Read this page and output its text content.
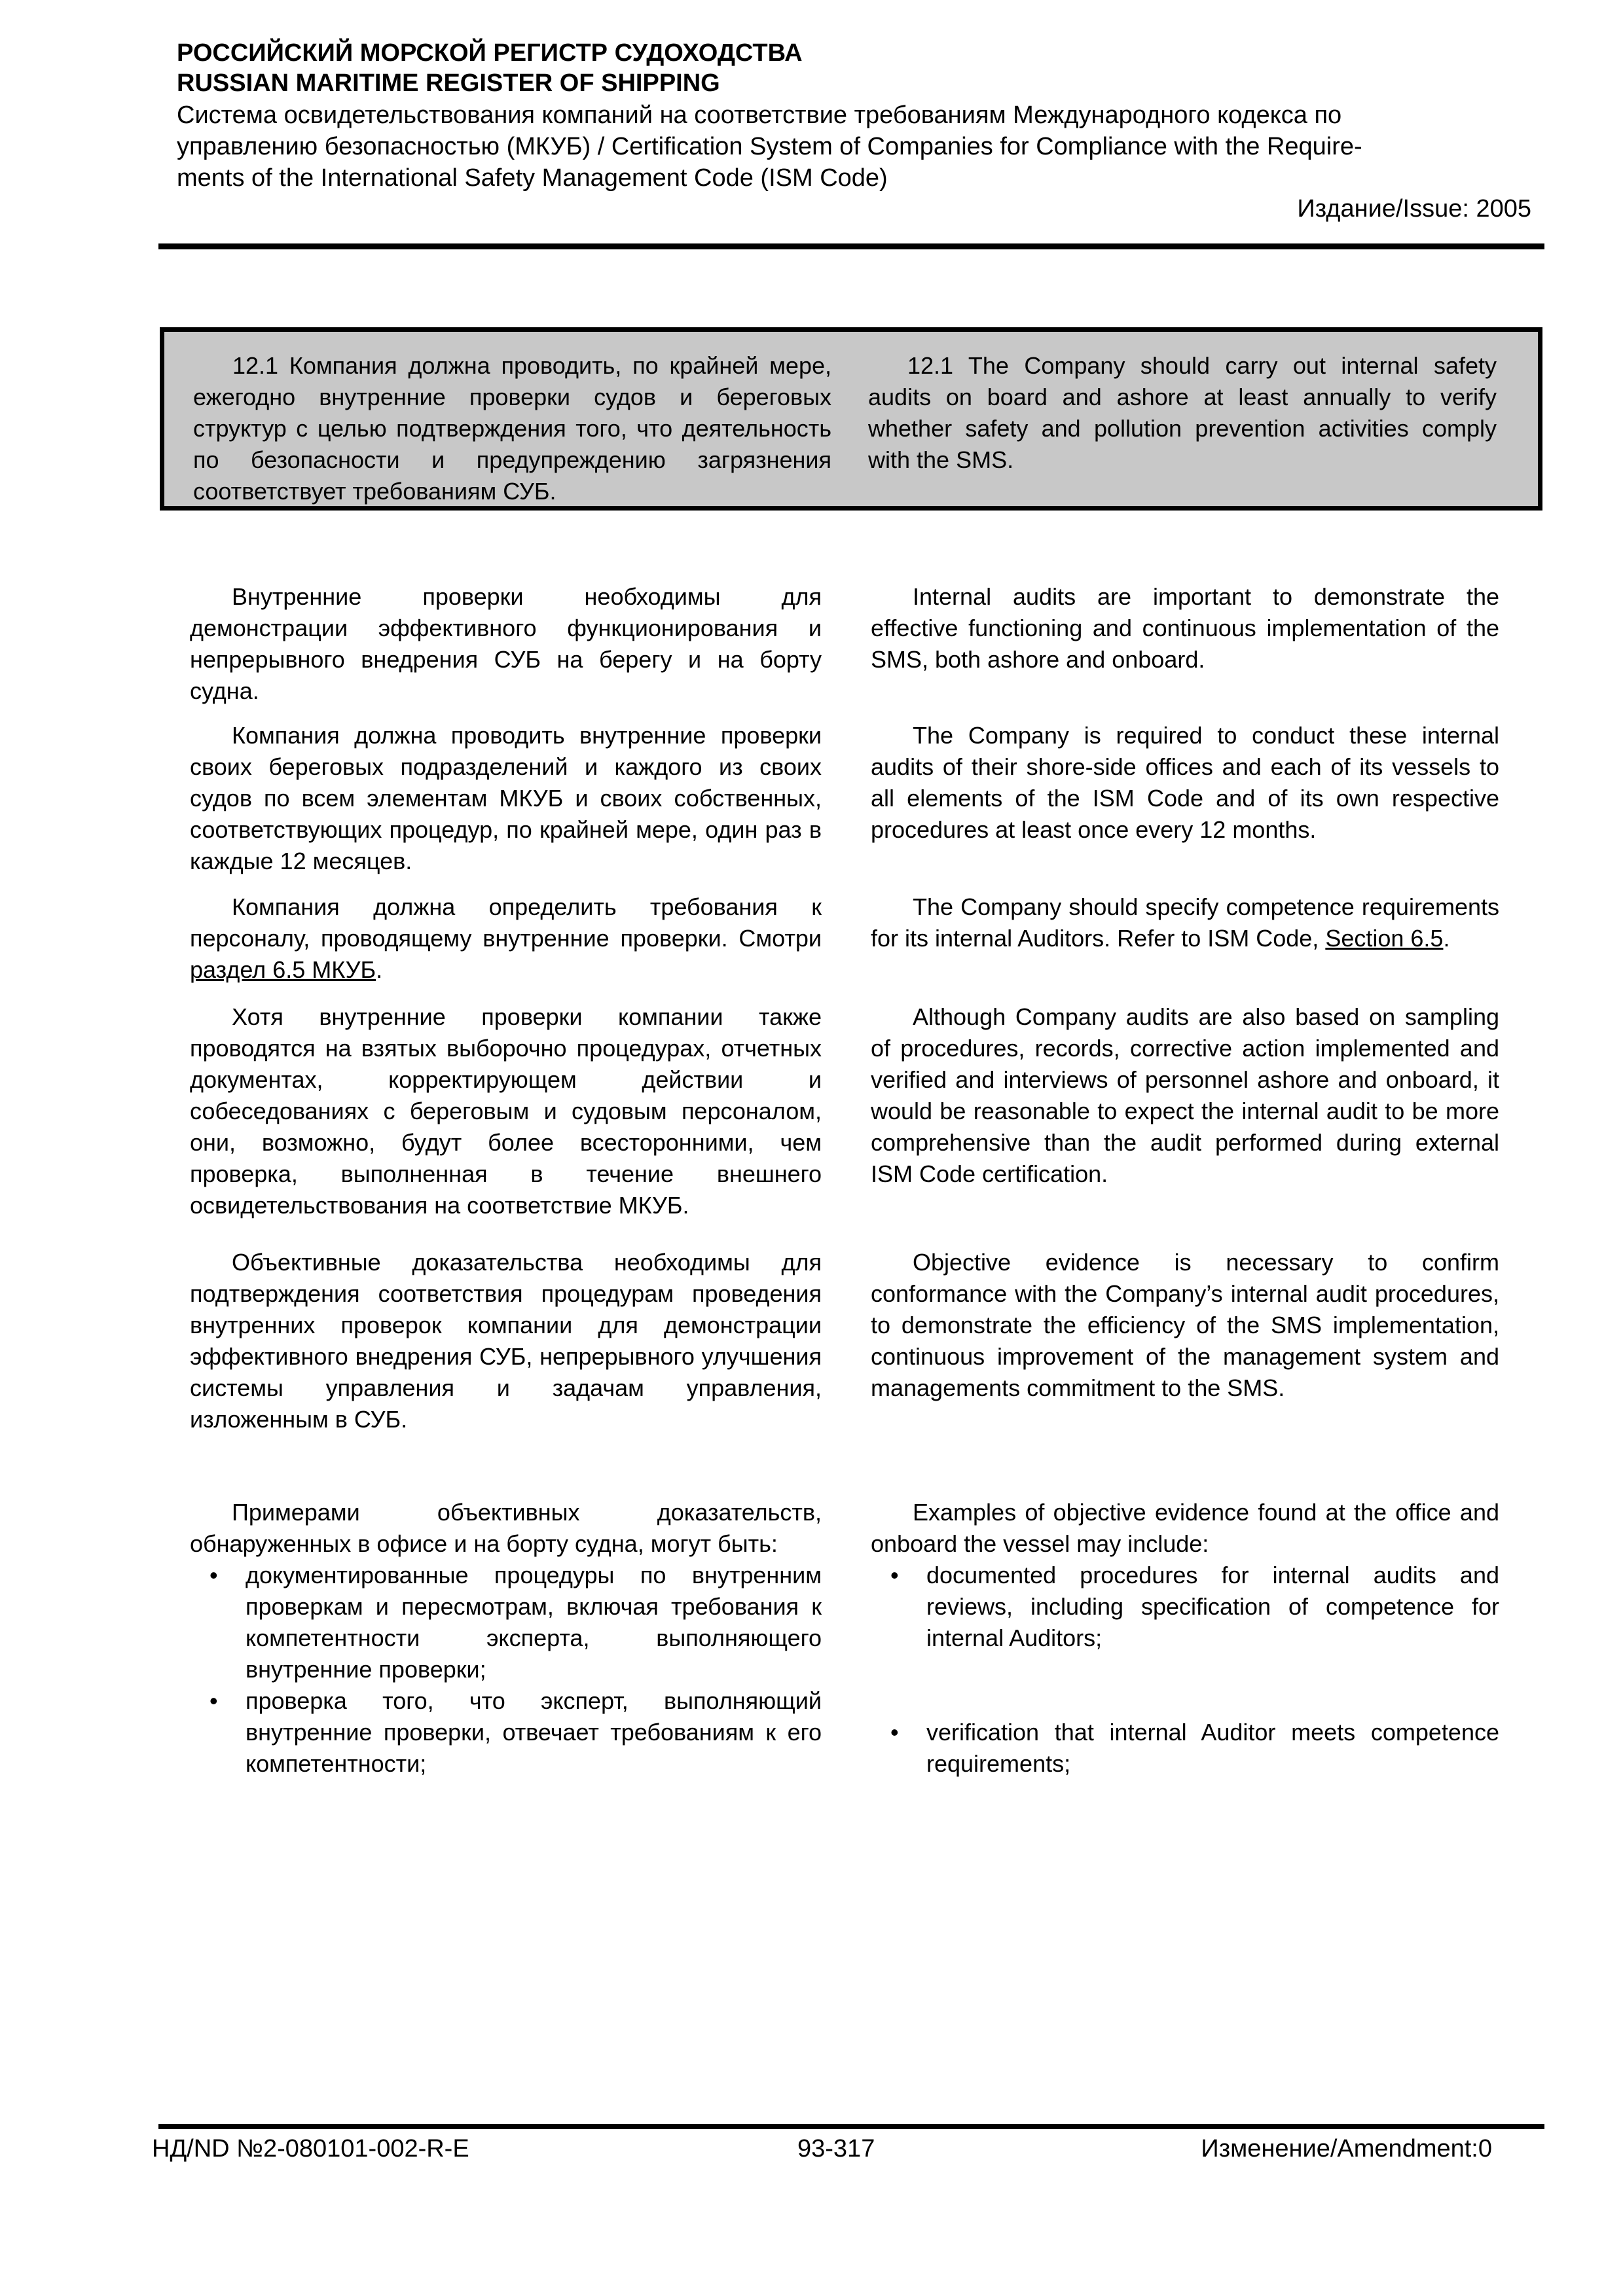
РОССИЙСКИЙ МОРСКОЙ РЕГИСТР СУДОХОДСТВА
RUSSIAN MARITIME REGISTER OF SHIPPING
Система освидетельствования компаний на соответствие требованиям Международного кодекса по
управлению безопасностью (МКУБ) / Certification System of Companies for Compliance with the Require-
ments of the International Safety Management Code (ISM Code)
Издание/Issue: 2005

12.1 Компания должна проводить, по крайней мере, ежегодно внутренние проверки судов и береговых структур с целью подтверждения того, что деятельность по безопасности и предупреждению загрязнения соответствует требованиям СУБ.

12.1 The Company should carry out internal safety audits on board and ashore at least annually to verify whether safety and pollution prevention activities comply with the SMS.

Внутренние проверки необходимы для демонстрации эффективного функционирования и непрерывного внедрения СУБ на берегу и на борту судна.

Internal audits are important to demonstrate the effective functioning and continuous implementation of the SMS, both ashore and onboard.

Компания должна проводить внутренние проверки своих береговых подразделений и каждого из своих судов по всем элементам МКУБ и своих собственных, соответствующих процедур, по крайней мере, один раз в каждые 12 месяцев.

The Company is required to conduct these internal audits of their shore-side offices and each of its vessels to all elements of the ISM Code and of its own respective procedures at least once every 12 months.

Компания должна определить требования к персоналу, проводящему внутренние проверки. Смотри раздел 6.5 МКУБ.

The Company should specify competence requirements for its internal Auditors. Refer to ISM Code, Section 6.5.

Хотя внутренние проверки компании также проводятся на взятых выборочно процедурах, отчетных документах, корректирующем действии и собеседованиях с береговым и судовым персоналом, они, возможно, будут более всесторонними, чем проверка, выполненная в течение внешнего освидетельствования на соответствие МКУБ.

Although Company audits are also based on sampling of procedures, records, corrective action implemented and verified and interviews of personnel ashore and onboard, it would be reasonable to expect the internal audit to be more comprehensive than the audit performed during external ISM Code certification.

Объективные доказательства необходимы для подтверждения соответствия процедурам проведения внутренних проверок компании для демонстрации эффективного внедрения СУБ, непрерывного улучшения системы управления и задачам управления, изложенным в СУБ.

Objective evidence is necessary to confirm conformance with the Company’s internal audit procedures, to demonstrate the efficiency of the SMS implementation, continuous improvement of the management system and managements commitment to the SMS.

Примерами объективных доказательств, обнаруженных в офисе и на борту судна, могут быть:

• документированные процедуры по внутренним проверкам и пересмотрам, включая требования к компетентности эксперта, выполняющего внутренние проверки;
• проверка того, что эксперт, выполняющий внутренние проверки, отвечает требованиям к его компетентности;

Examples of objective evidence found at the office and onboard the vessel may include:

• documented procedures for internal audits and reviews, including specification of competence for internal Auditors;
• verification that internal Auditor meets competence requirements;
НД/ND №2-080101-002-R-E	93-317	Изменение/Amendment:0
